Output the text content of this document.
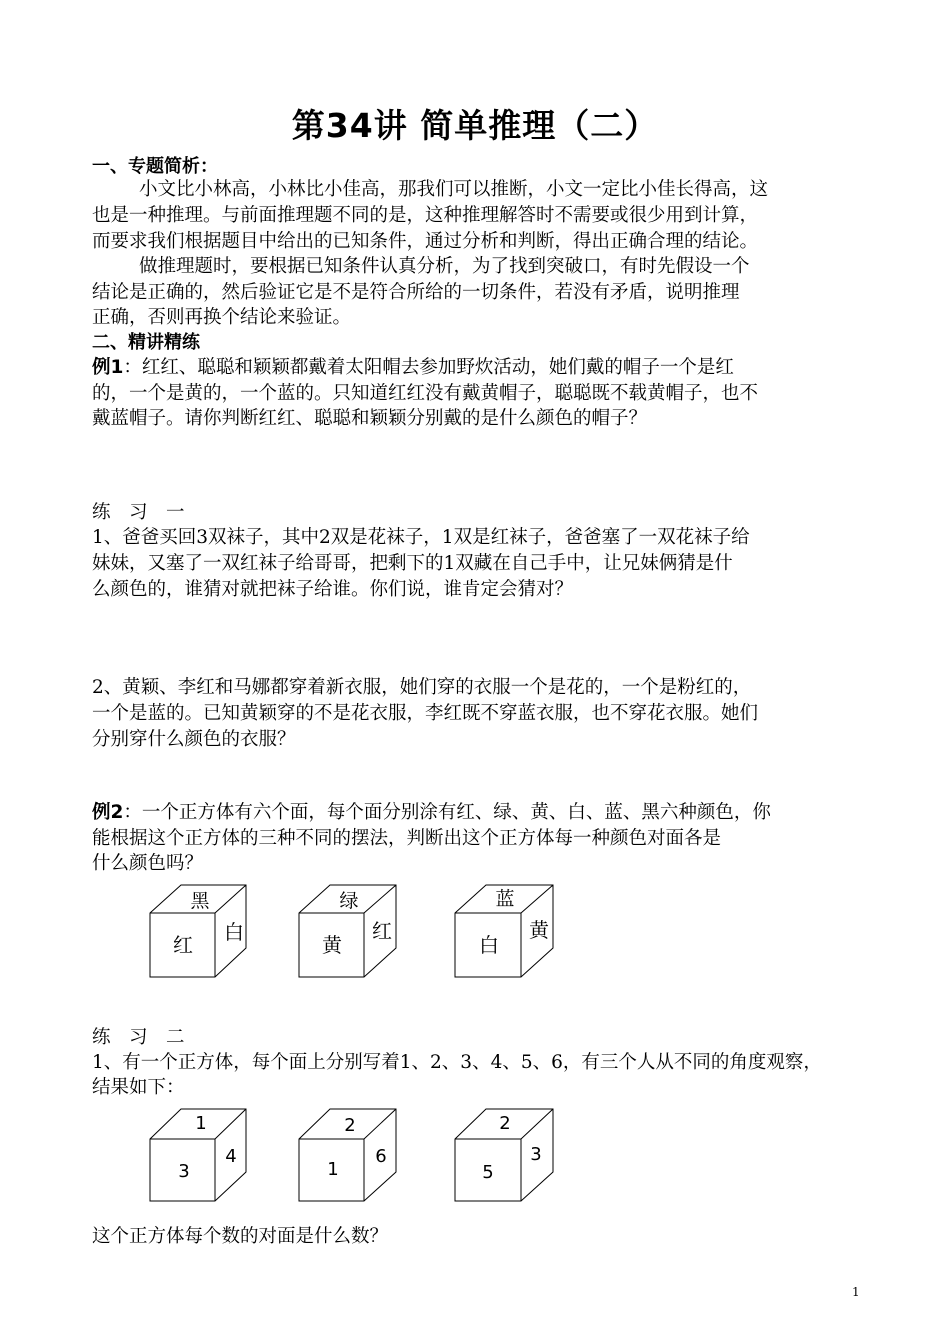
第34讲 简单推理（二）
一、专题简析：
小文比小林高，小林比小佳高，那我们可以推断，小文一定比小佳长得高，这
也是一种推理。与前面推理题不同的是，这种推理解答时不需要或很少用到计算，
而要求我们根据题目中给出的已知条件，通过分析和判断，得出正确合理的结论。
做推理题时，要根据已知条件认真分析，为了找到突破口，有时先假设一个
结论是正确的，然后验证它是不是符合所给的一切条件，若没有矛盾，说明推理
正确，否则再换个结论来验证。
二、精讲精练
例1：红红、聪聪和颖颖都戴着太阳帽去参加野炊活动，她们戴的帽子一个是红
的，一个是黄的，一个蓝的。只知道红红没有戴黄帽子，聪聪既不载黄帽子，也不
戴蓝帽子。请你判断红红、聪聪和颖颖分别戴的是什么颜色的帽子？
练　习　一
1、爸爸买回3双袜子，其中2双是花袜子，1双是红袜子，爸爸塞了一双花袜子给
妹妹，又塞了一双红袜子给哥哥，把剩下的1双藏在自己手中，让兄妹俩猜是什
么颜色的，谁猜对就把袜子给谁。你们说，谁肯定会猜对？
2、黄颖、李红和马娜都穿着新衣服，她们穿的衣服一个是花的，一个是粉红的，
一个是蓝的。已知黄颖穿的不是花衣服，李红既不穿蓝衣服，也不穿花衣服。她们
分别穿什么颜色的衣服？
例2：一个正方体有六个面，每个面分别涂有红、绿、黄、白、蓝、黑六种颜色，你
能根据这个正方体的三种不同的摆法，判断出这个正方体每一种颜色对面各是
什么颜色吗？
黑
红
白
绿
黄
红
蓝
白
黄
1
3
4
2
1
6
2
5
3
练　习　二
1、有一个正方体，每个面上分别写着1、2、3、4、5、6，有三个人从不同的角度观察，
结果如下：
这个正方体每个数的对面是什么数？
1
